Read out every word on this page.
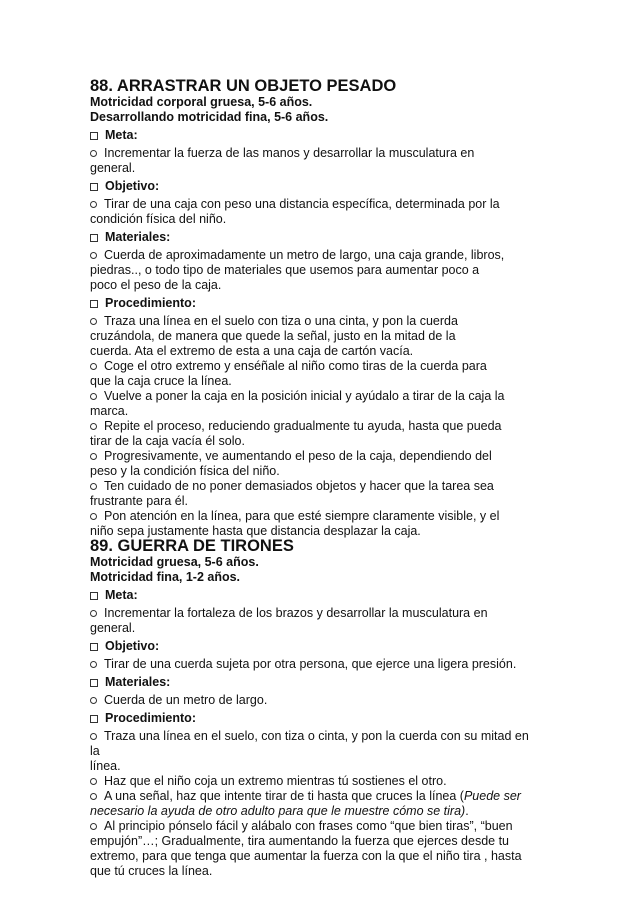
88. ARRASTRAR UN OBJETO PESADO
Motricidad corporal gruesa, 5-6 años.
Desarrollando motricidad fina, 5-6 años.
Meta:
Incrementar la fuerza de las manos y desarrollar la musculatura en
general.
Objetivo:
Tirar de una caja con peso una distancia específica, determinada por la
condición física del niño.
Materiales:
Cuerda de aproximadamente un metro de largo, una caja grande, libros,
piedras.., o todo tipo de materiales que usemos para aumentar poco a
poco el peso de la caja.
Procedimiento:
Traza una línea en el suelo con tiza o una cinta, y pon la cuerda
cruzándola, de manera que quede la señal, justo en la mitad de la
cuerda. Ata el extremo de esta a una caja de cartón vacía.
Coge el otro extremo y enséñale al niño como tiras de la cuerda para
que la caja cruce la línea.
Vuelve a poner la caja en la posición inicial y ayúdalo a tirar de la caja la
marca.
Repite el proceso, reduciendo gradualmente tu ayuda, hasta que pueda
tirar de la caja vacía él solo.
Progresivamente, ve aumentando el peso de la caja, dependiendo del
peso y la condición física del niño.
Ten cuidado de no poner demasiados objetos y hacer que la tarea sea
frustrante para él.
Pon atención en la línea, para que esté siempre claramente visible, y el
niño sepa justamente hasta que distancia desplazar la caja.
89. GUERRA DE TIRONES
Motricidad gruesa, 5-6 años.
Motricidad fina, 1-2 años.
Meta:
Incrementar la fortaleza de los brazos y desarrollar la musculatura en general.
Objetivo:
Tirar de una cuerda sujeta por otra persona, que ejerce una ligera presión.
Materiales:
Cuerda de un metro de largo.
Procedimiento:
Traza una línea en el suelo, con tiza o cinta, y pon la cuerda con su mitad en la
línea.
Haz que el niño coja un extremo mientras tú sostienes el otro.
A una señal, haz que intente tirar de ti hasta que cruces la línea (Puede ser
necesario la ayuda de otro adulto para que le muestre cómo se tira).
Al principio pónselo fácil y alábalo con frases como “que bien tiras”, “buen
empujón”…; Gradualmente, tira aumentando la fuerza que ejerces desde tu
extremo, para que tenga que aumentar la fuerza con la que el niño tira , hasta
que tú cruces la línea.
